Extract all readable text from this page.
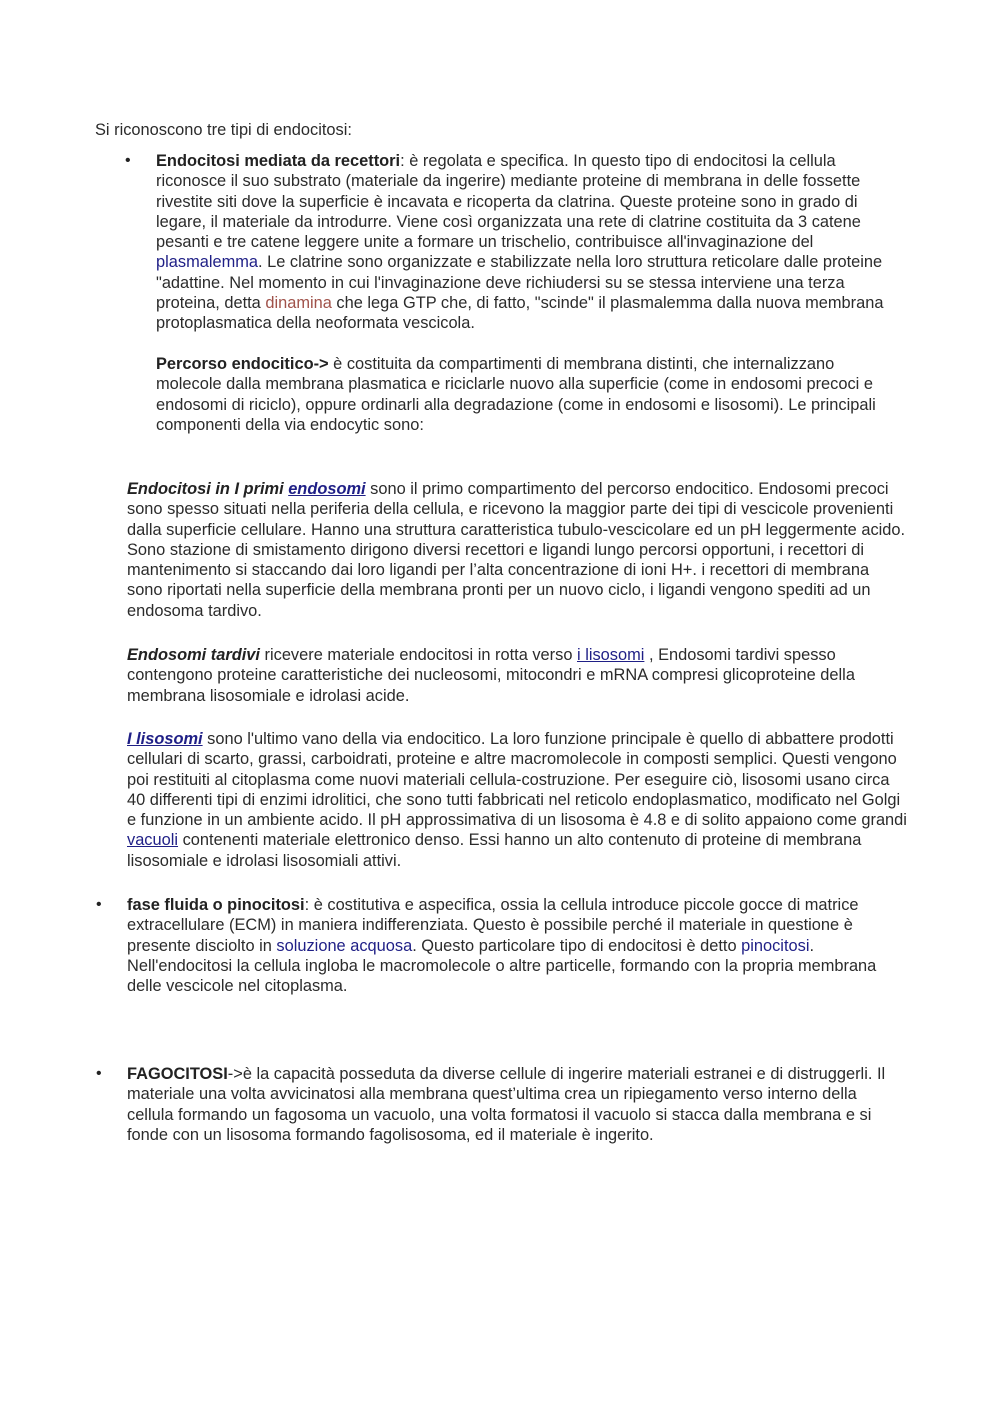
Si riconoscono tre tipi di endocitosi:

• Endocitosi mediata da recettori: è regolata e specifica. In questo tipo di endocitosi la cellula riconosce il suo substrato (materiale da ingerire) mediante proteine di membrana in delle fossette rivestite siti dove la superficie è incavata e ricoperta da clatrina. Queste proteine sono in grado di legare, il materiale da introdurre. Viene così organizzata una rete di clatrine costituita da 3 catene pesanti e tre catene leggere unite a formare un trischelio, contribuisce all'invaginazione del plasmalemma. Le clatrine sono organizzate e stabilizzate nella loro struttura reticolare dalle proteine "adattine. Nel momento in cui l'invaginazione deve richiudersi su se stessa interviene una terza proteina, detta dinamina che lega GTP che, di fatto, "scinde" il plasmalemma dalla nuova membrana protoplasmatica della neoformata vescicola.

Percorso endocitico-> è costituita da compartimenti di membrana distinti, che internalizzano molecole dalla membrana plasmatica e riciclarle nuovo alla superficie (come in endosomi precoci e endosomi di riciclo), oppure ordinarli alla degradazione (come in endosomi e lisosomi). Le principali componenti della via endocytic sono:

Endocitosi in I primi endosomi sono il primo compartimento del percorso endocitico. Endosomi precoci sono spesso situati nella periferia della cellula, e ricevono la maggior parte dei tipi di vescicole provenienti dalla superficie cellulare. Hanno una struttura caratteristica tubulo-vescicolare ed un pH leggermente acido. Sono stazione di smistamento dirigono diversi recettori e ligandi lungo percorsi opportuni, i recettori di mantenimento si staccando dai loro ligandi per l’alta concentrazione di ioni H+. i recettori di membrana sono riportati nella superficie della membrana pronti per un nuovo ciclo, i ligandi vengono spediti ad un endosoma tardivo.

Endosomi tardivi ricevere materiale endocitosi in rotta verso i lisosomi , Endosomi tardivi spesso contengono proteine caratteristiche dei nucleosomi, mitocondri e mRNA compresi glicoproteine della membrana lisosomiale e idrolasi acide.

I lisosomi sono l'ultimo vano della via endocitico. La loro funzione principale è quello di abbattere prodotti cellulari di scarto, grassi, carboidrati, proteine e altre macromolecole in composti semplici. Questi vengono poi restituiti al citoplasma come nuovi materiali cellula-costruzione. Per eseguire ciò, lisosomi usano circa 40 differenti tipi di enzimi idrolitici, che sono tutti fabbricati nel reticolo endoplasmatico, modificato nel Golgi e funzione in un ambiente acido. Il pH approssimativa di un lisosoma è 4.8 e di solito appaiono come grandi vacuoli contenenti materiale elettronico denso. Essi hanno un alto contenuto di proteine di membrana lisosomiale e idrolasi lisosomiali attivi.

• fase fluida o pinocitosi: è costitutiva e aspecifica, ossia la cellula introduce piccole gocce di matrice extracellulare (ECM) in maniera indifferenziata. Questo è possibile perché il materiale in questione è presente disciolto in soluzione acquosa. Questo particolare tipo di endocitosi è detto pinocitosi. Nell'endocitosi la cellula ingloba le macromolecole o altre particelle, formando con la propria membrana delle vescicole nel citoplasma.

• FAGOCITOSI->è la capacità posseduta da diverse cellule di ingerire materiali estranei e di distruggerli. Il materiale una volta avvicinatosi alla membrana quest’ultima crea un ripiegamento verso interno della cellula formando un fagosoma un vacuolo, una volta formatosi il vacuolo si stacca dalla membrana e si fonde con un lisosoma formando fagolisosoma, ed il materiale è ingerito.
